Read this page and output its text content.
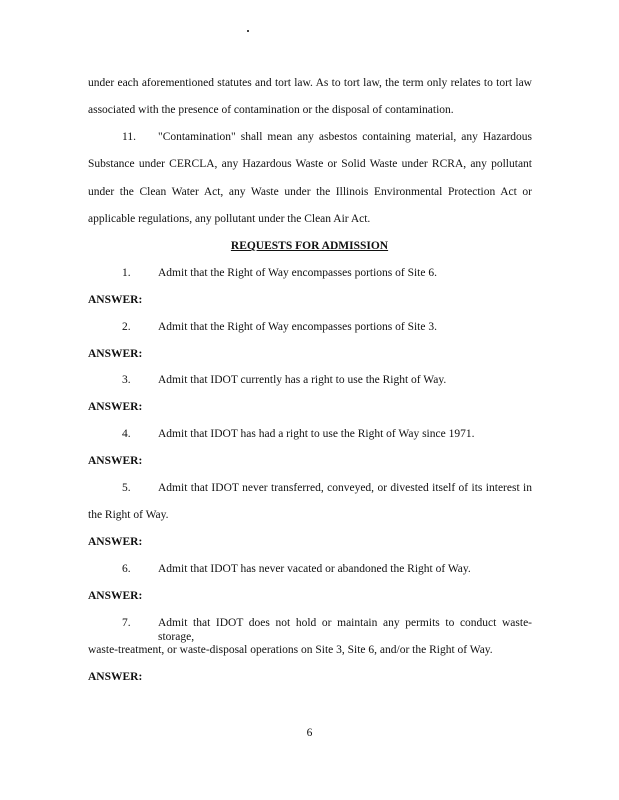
under each aforementioned statutes and tort law. As to tort law, the term only relates to tort law
associated with the presence of contamination or the disposal of contamination.
11. "Contamination" shall mean any asbestos containing material, any Hazardous
Substance under CERCLA, any Hazardous Waste or Solid Waste under RCRA, any pollutant
under the Clean Water Act, any Waste under the Illinois Environmental Protection Act or
applicable regulations, any pollutant under the Clean Air Act.
REQUESTS FOR ADMISSION
1. Admit that the Right of Way encompasses portions of Site 6.
ANSWER:
2. Admit that the Right of Way encompasses portions of Site 3.
ANSWER:
3. Admit that IDOT currently has a right to use the Right of Way.
ANSWER:
4. Admit that IDOT has had a right to use the Right of Way since 1971.
ANSWER:
5. Admit that IDOT never transferred, conveyed, or divested itself of its interest in
the Right of Way.
ANSWER:
6. Admit that IDOT has never vacated or abandoned the Right of Way.
ANSWER:
7. Admit that IDOT does not hold or maintain any permits to conduct waste-storage,
waste-treatment, or waste-disposal operations on Site 3, Site 6, and/or the Right of Way.
ANSWER:
6
